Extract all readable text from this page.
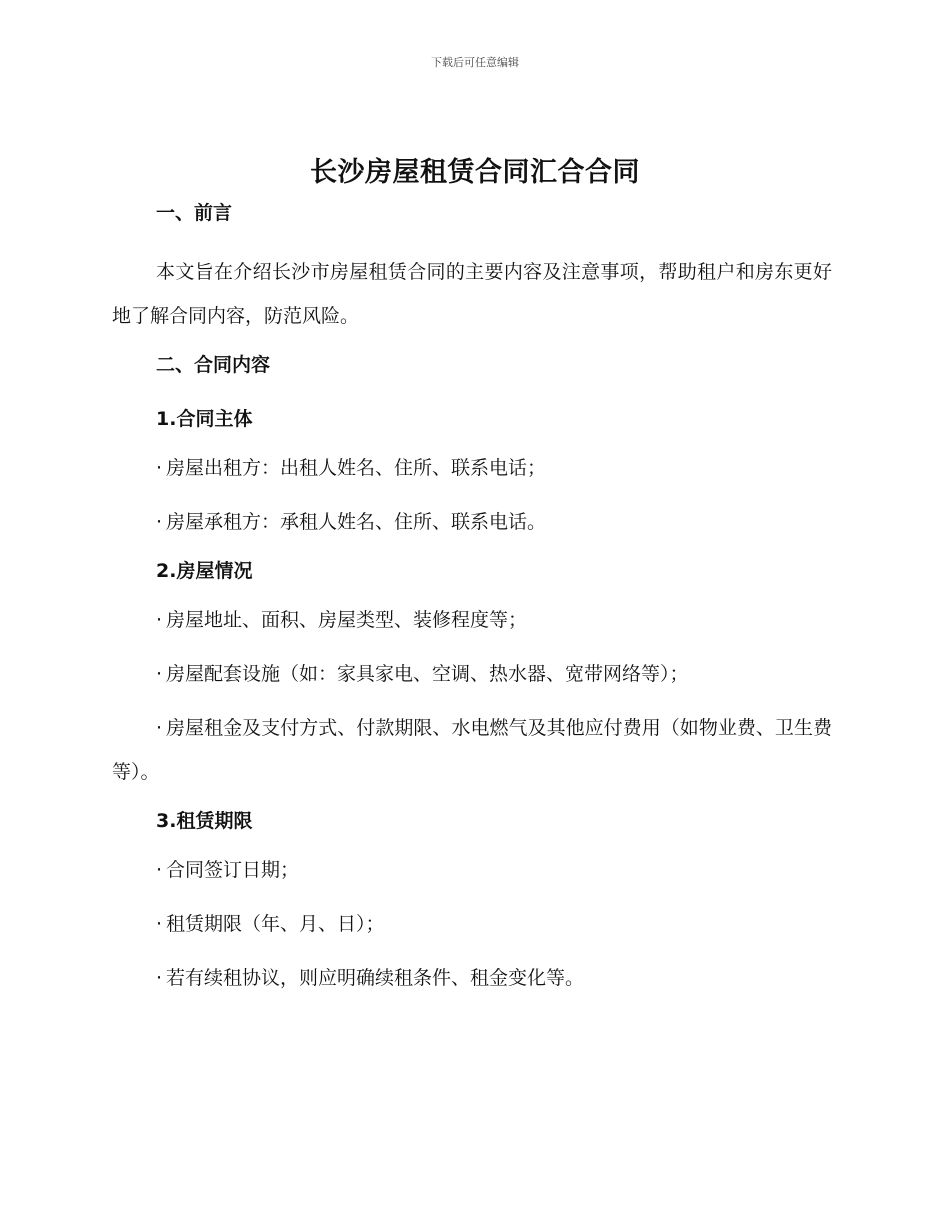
下载后可任意编辑
长沙房屋租赁合同汇合合同
一、前言

本文旨在介绍长沙市房屋租赁合同的主要内容及注意事项，帮助租户和房东更好地了解合同内容，防范风险。

二、合同内容
1.合同主体

· 房屋出租方：出租人姓名、住所、联系电话；

· 房屋承租方：承租人姓名、住所、联系电话。

2.房屋情况

· 房屋地址、面积、房屋类型、装修程度等；

· 房屋配套设施（如：家具家电、空调、热水器、宽带网络等）；

· 房屋租金及支付方式、付款期限、水电燃气及其他应付费用（如物业费、卫生费等）。

3.租赁期限

· 合同签订日期；

· 租赁期限（年、月、日）；

· 若有续租协议，则应明确续租条件、租金变化等。
